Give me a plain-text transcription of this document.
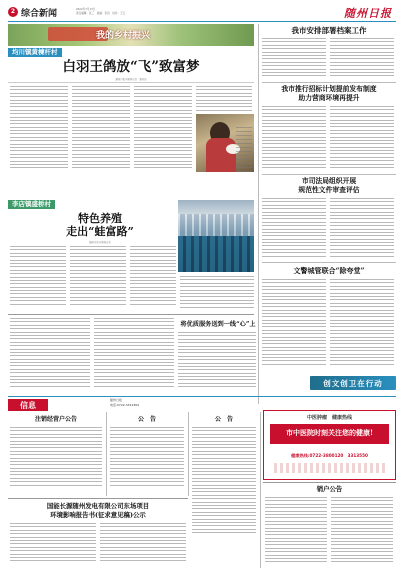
2 综合新闻	2022年7月13日
责任编辑：张三　美编：李四　校对：王五	随州日报
我的乡村振兴
均川镇黄楝杆村
白羽王鸽放“飞”致富梦
随州日报全媒体记者　通讯员
李店镇盛桥村
特色养殖
走出“蛙富路”
随州日报全媒体记者
我市安排部署档案工作
我市推行招标计划提前发布制度
助力营商环境再提升
市司法局组织开展
规范性文件审查评估
文警城管联合“除夸堂”
将优质服务送到一线“心”上
创文创卫在行动
信息	随州日报
电话:0722-3312364
注销经营户公告	公　告	公　告	中医肿瘤　健康热线
市中医院时刻关注您的健康!
健康热线:0722-3800120　3313550
国能长源随州发电有限公司东场项目
环境影响报告书(征求意见稿)公示
销户公告
